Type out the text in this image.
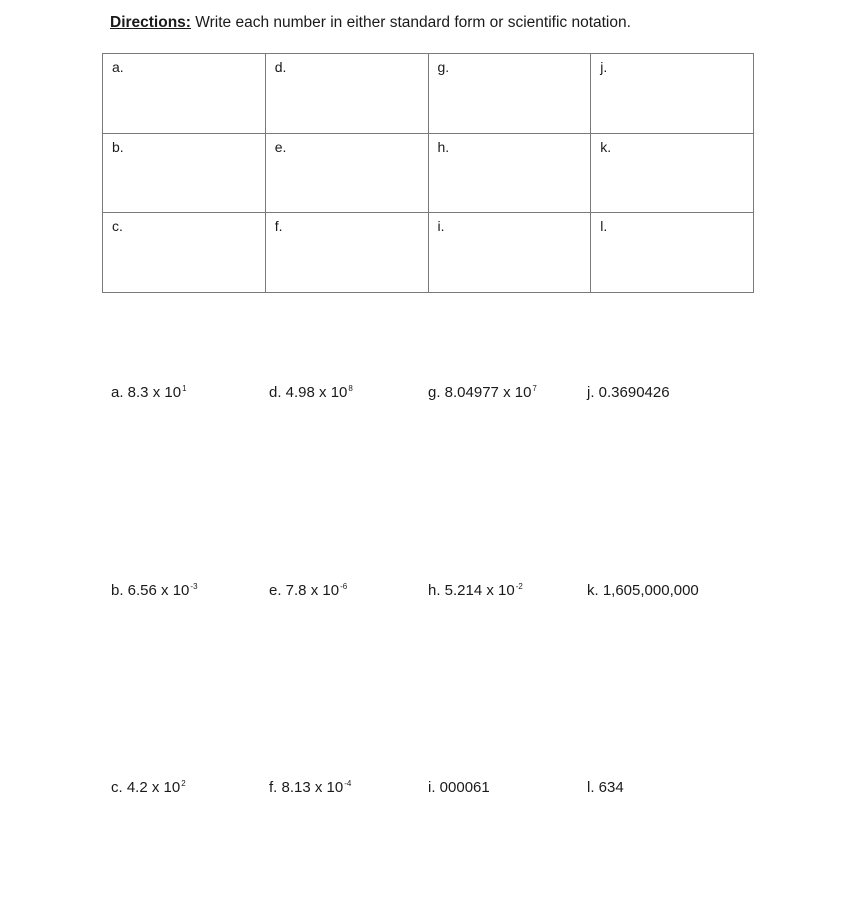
Directions: Write each number in either standard form or scientific notation.
a.	d.	g.	j.
b.	e.	h.	k.
c.	f.	i.	l.
a. 8.3 x $10^1$	d. 4.98 x $10^8$	g. 8.04977 x $10^7$	j. 0.3690426
b. 6.56 x $10^{-3}$	e. 7.8 x $10^{-6}$	h. 5.214 x $10^{-2}$	k. 1,605,000,000
c. 4.2 x $10^2$	f. 8.13 x $10^{-4}$	i. 000061	l. 634
